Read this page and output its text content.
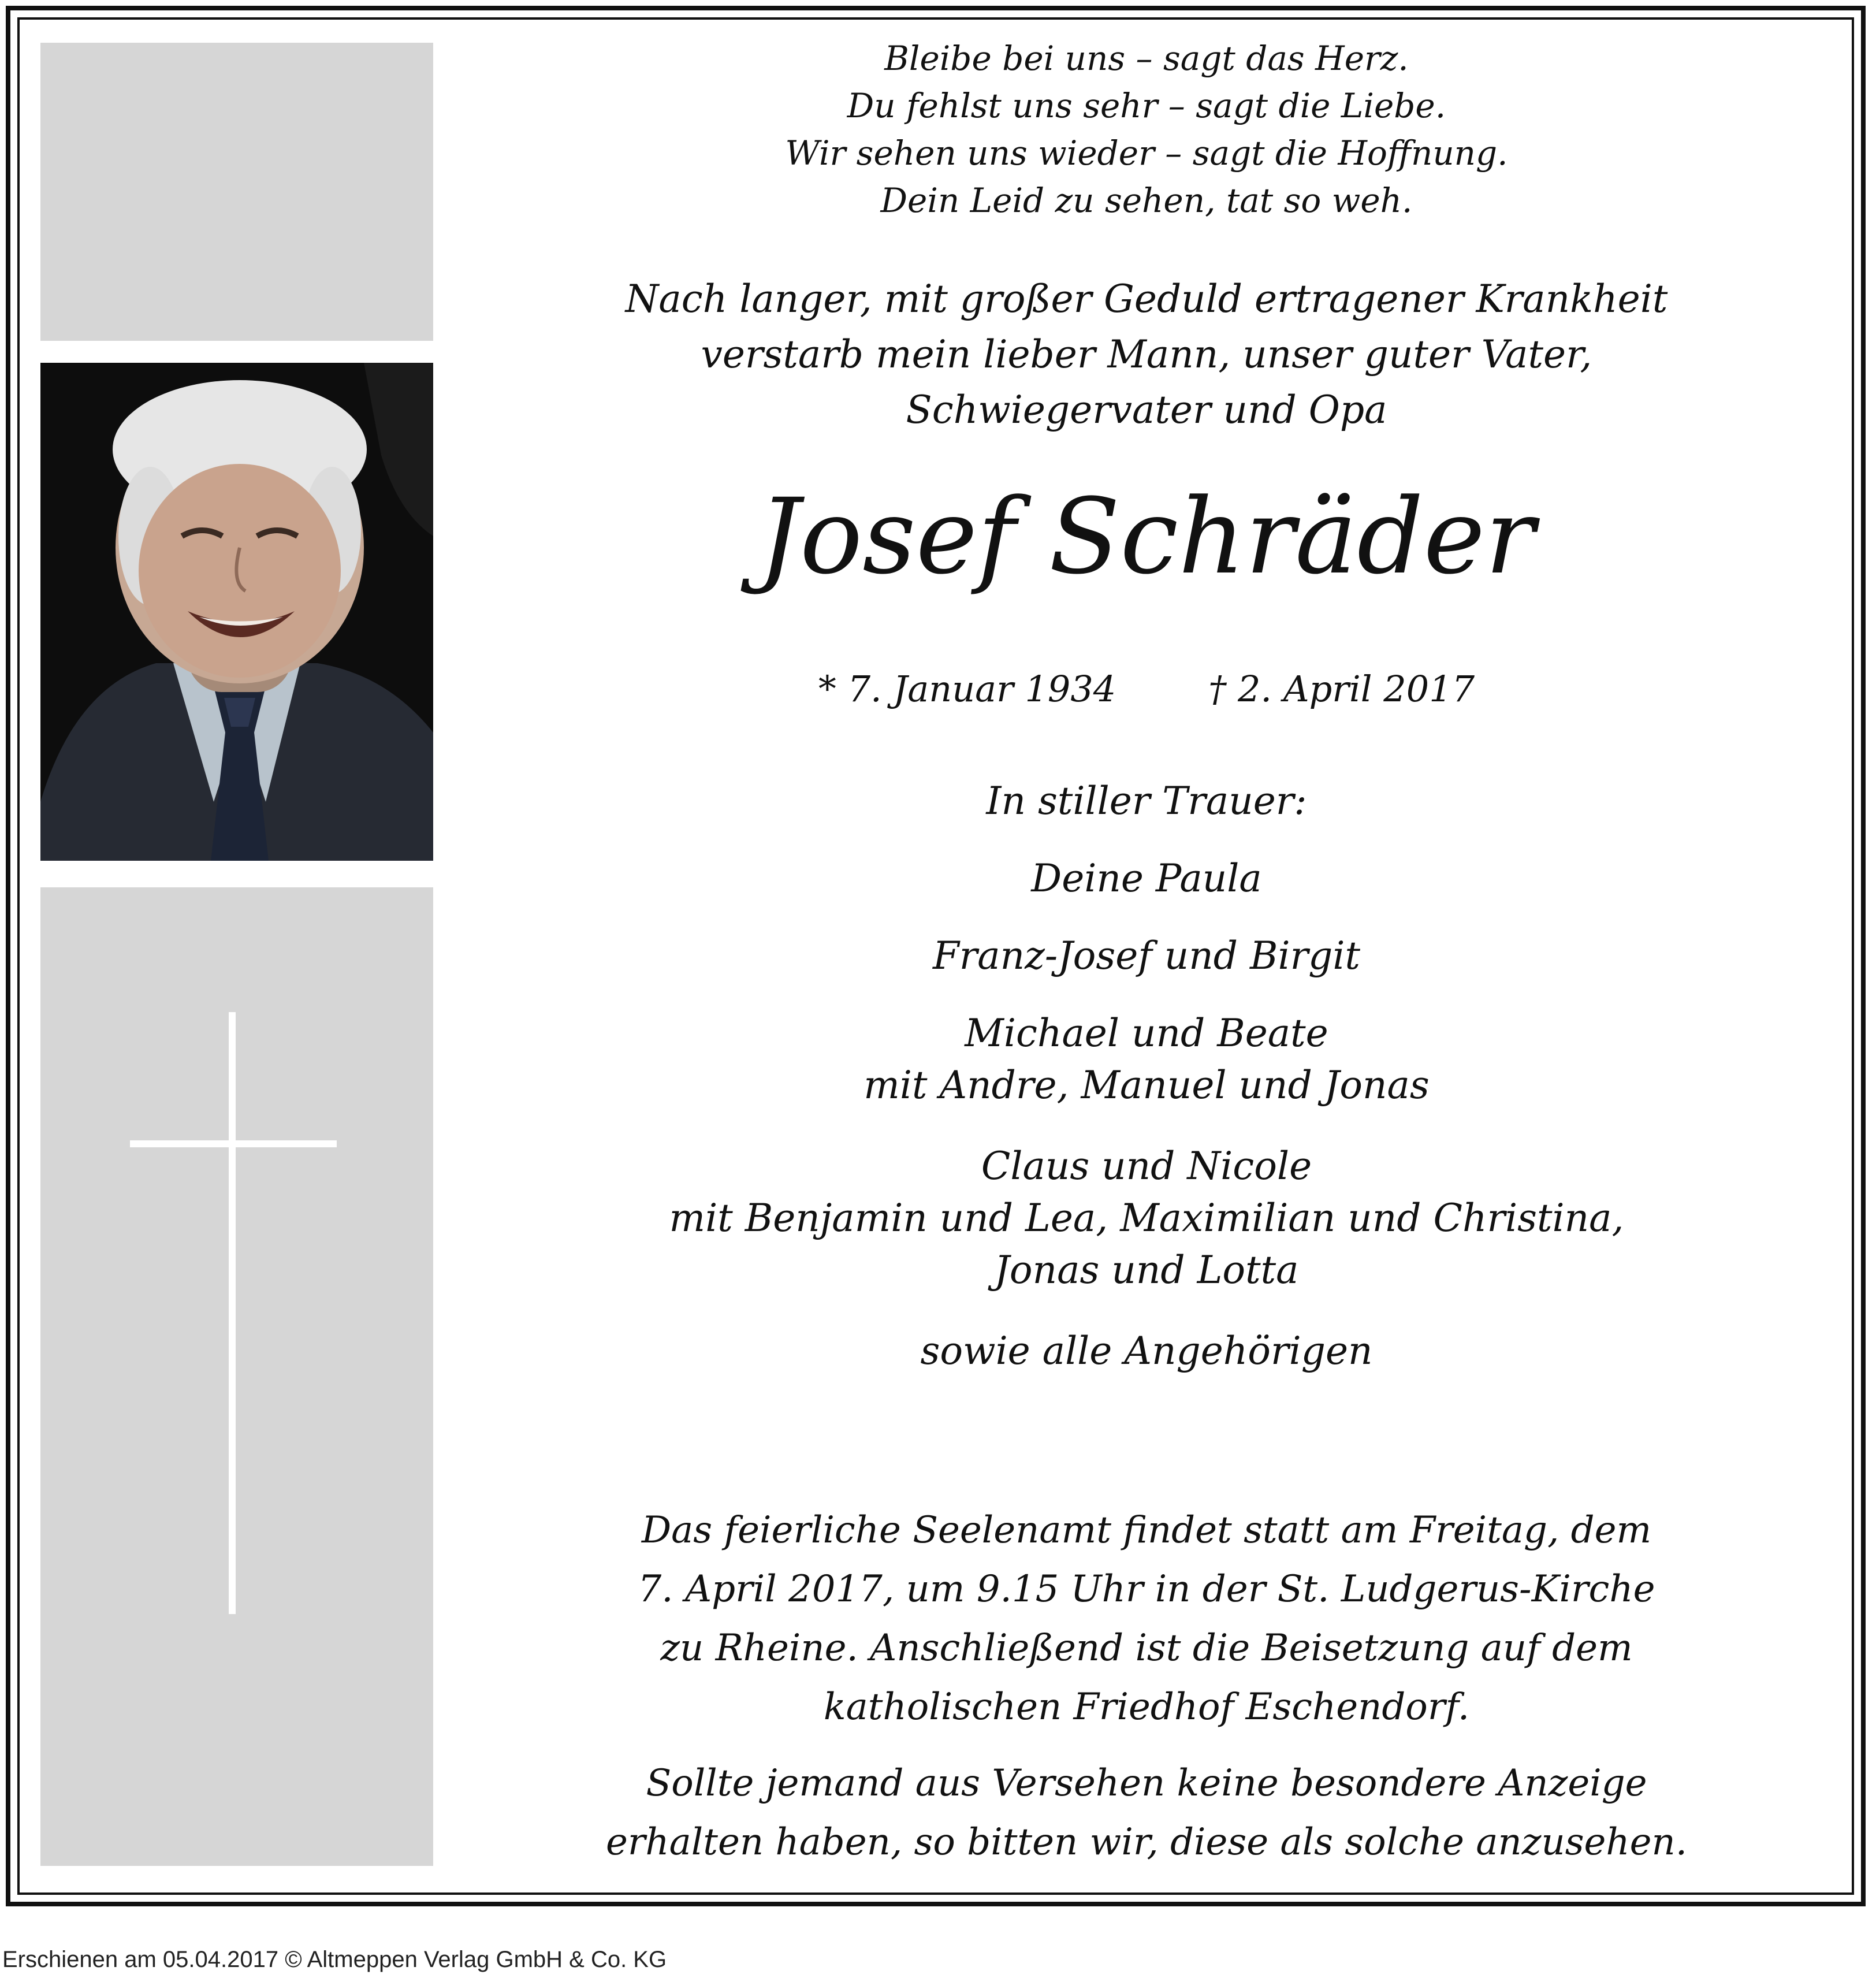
Bleibe bei uns – sagt das Herz.
Du fehlst uns sehr – sagt die Liebe.
Wir sehen uns wieder – sagt die Hoffnung.
Dein Leid zu sehen, tat so weh.
Nach langer, mit großer Geduld ertragener Krankheit
verstarb mein lieber Mann, unser guter Vater,
Schwiegervater und Opa
Josef Schräder
* 7. Januar 1934	† 2. April 2017
In stiller Trauer:
Deine Paula
Franz-Josef und Birgit
Michael und Beate
mit Andre, Manuel und Jonas
Claus und Nicole
mit Benjamin und Lea, Maximilian und Christina,
Jonas und Lotta
sowie alle Angehörigen
Das feierliche Seelenamt findet statt am Freitag, dem
7. April 2017, um 9.15 Uhr in der St. Ludgerus-Kirche
zu Rheine. Anschließend ist die Beisetzung auf dem
katholischen Friedhof Eschendorf.
Sollte jemand aus Versehen keine besondere Anzeige
erhalten haben, so bitten wir, diese als solche anzusehen.
Erschienen am 05.04.2017 © Altmeppen Verlag GmbH & Co. KG
